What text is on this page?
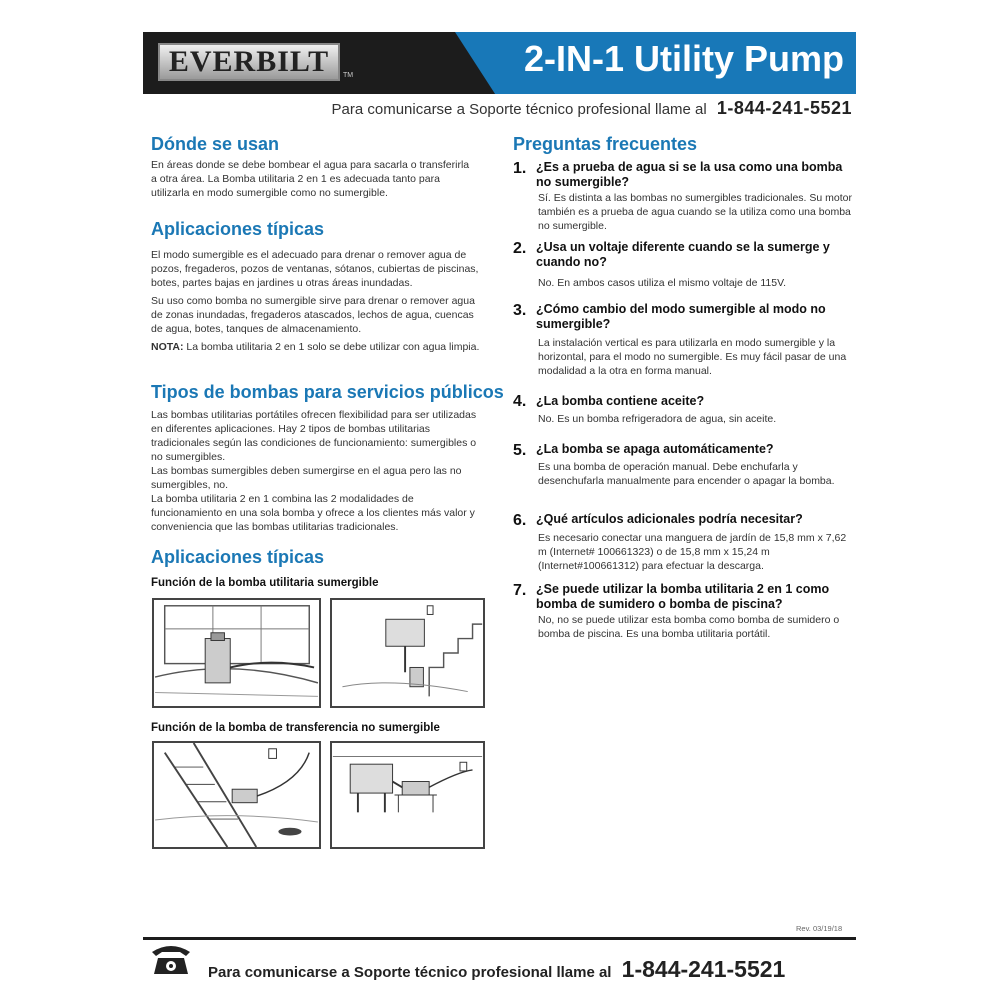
EVERBILT	TM	2-IN-1 Utility Pump
Para comunicarse a Soporte técnico profesional llame al 1-844-241-5521
Dónde se usan

En áreas donde se debe bombear el agua para sacarla o transferirla a otra área. La Bomba utilitaria 2 en 1 es adecuada tanto para utilizarla en modo sumergible como no sumergible.

Aplicaciones típicas

El modo sumergible es el adecuado para drenar o remover agua de pozos, fregaderos, pozos de ventanas, sótanos, cubiertas de piscinas, botes, partes bajas en jardines u otras áreas inundadas.

Su uso como bomba no sumergible sirve para drenar o remover agua de zonas inundadas, fregaderos atascados, lechos de agua, cuencas de agua, botes, tanques de almacenamiento.

NOTA: La bomba utilitaria 2 en 1 solo se debe utilizar con agua limpia.

Tipos de bombas para servicios públicos
Las bombas utilitarias portátiles ofrecen flexibilidad para ser utilizadas en diferentes aplicaciones. Hay 2 tipos de bombas utilitarias tradicionales según las condiciones de funcionamiento: sumergibles o no sumergibles.
Las bombas sumergibles deben sumergirse en el agua pero las no sumergibles, no.
La bomba utilitaria 2 en 1 combina las 2 modalidades de funcionamiento en una sola bomba y ofrece a los clientes más valor y conveniencia que las bombas utilitarias tradicionales.
Aplicaciones típicas
Función de la bomba utilitaria sumergible
Función de la bomba de transferencia no sumergible
Preguntas frecuentes
1. ¿Es a prueba de agua si se la usa como una bomba no sumergible?
Sí. Es distinta a las bombas no sumergibles tradicionales. Su motor también es a prueba de agua cuando se la utiliza como una bomba no sumergible.
2. ¿Usa un voltaje diferente cuando se la sumerge y cuando no?
No. En ambos casos utiliza el mismo voltaje de 115V.
3. ¿Cómo cambio del modo sumergible al modo no sumergible?
La instalación vertical es para utilizarla en modo sumergible y la horizontal, para el modo no sumergible. Es muy fácil pasar de una modalidad a la otra en forma manual.
4. ¿La bomba contiene aceite?
No. Es un bomba refrigeradora de agua, sin aceite.
5. ¿La bomba se apaga automáticamente?
Es una bomba de operación manual. Debe enchufarla y desenchufarla manualmente para encender o apagar la bomba.
6. ¿Qué artículos adicionales podría necesitar?
Es necesario conectar una manguera de jardín de 15,8 mm x 7,62 m (Internet# 100661323) o de 15,8 mm x 15,24 m (Internet#100661312) para efectuar la descarga.
7. ¿Se puede utilizar la bomba utilitaria 2 en 1 como bomba de sumidero o bomba de piscina?
No, no se puede utilizar esta bomba como bomba de sumidero o bomba de piscina. Es una bomba utilitaria portátil.
Rev. 03/19/18
Para comunicarse a Soporte técnico profesional llame al 1-844-241-5521
